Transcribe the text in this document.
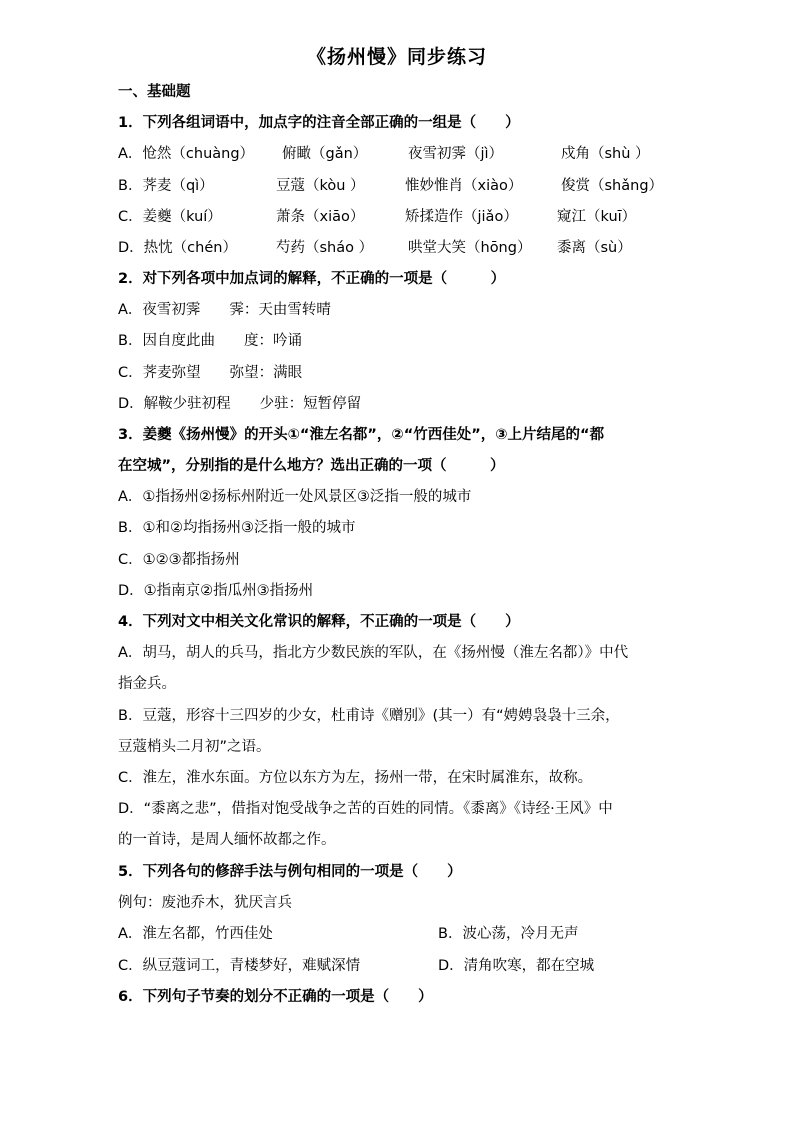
《扬州慢》同步练习
一、基础题
1．下列各组词语中，加点字的注音全部正确的一组是（　　）
A．怆然（chuàng） 俯瞰（gǎn）	夜雪初霁（jì）	戍角（shù ）
B．荠麦（qì）	豆蔻（kòu ）	惟妙惟肖（xiào）	俊赏（shǎng）
C．姜夔（kuí）	萧条（xiāo）	矫揉造作（jiǎo）	窥江（kuī）
D．热忱（chén）	芍药（sháo ） 哄堂大笑（hōng） 黍离（sù）
2．对下列各项中加点词的解释，不正确的一项是（　　　）
A．夜雪初霁　　霁：天由雪转晴
B．因自度此曲　　度：吟诵
C．荠麦弥望　　弥望：满眼
D．解鞍少驻初程　　少驻：短暂停留
3．姜夔《扬州慢》的开头①“淮左名都”，②“竹西佳处”，③上片结尾的“都
在空城”，分别指的是什么地方？选出正确的一项（　　　）
A．①指扬州②扬标州附近一处风景区③泛指一般的城市
B．①和②均指扬州③泛指一般的城市
C．①②③都指扬州
D．①指南京②指瓜州③指扬州
4．下列对文中相关文化常识的解释，不正确的一项是（　　）
A．胡马，胡人的兵马，指北方少数民族的军队，在《扬州慢（淮左名都）》中代
指金兵。
B．豆蔻，形容十三四岁的少女，杜甫诗《赠别》(其一）有“娉娉袅袅十三余，
豆蔻梢头二月初”之语。
C．淮左，淮水东面。方位以东方为左，扬州一带，在宋时属淮东，故称。
D．“黍离之悲”，借指对饱受战争之苦的百姓的同情。《黍离》《诗经·王风》中
的一首诗，是周人缅怀故都之作。
5．下列各句的修辞手法与例句相同的一项是（　　）
例句：废池乔木，犹厌言兵
A．淮左名都，竹西佳处	B．波心荡，冷月无声
C．纵豆蔻词工，青楼梦好，难赋深情	D．清角吹寒，都在空城
6．下列句子节奏的划分不正确的一项是（　　）
